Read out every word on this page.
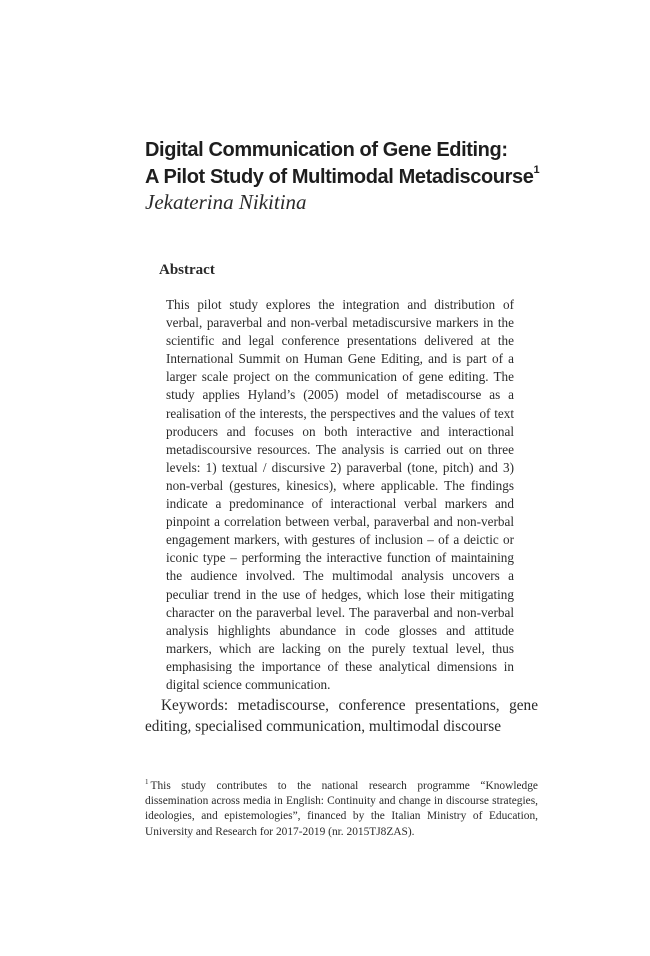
Digital Communication of Gene Editing:
A Pilot Study of Multimodal Metadiscourse$^1$

Jekaterina Nikitina

Abstract

This pilot study explores the integration and distribution of verbal, paraverbal and non-verbal metadiscursive markers in the scientific and legal conference presentations delivered at the International Summit on Human Gene Editing, and is part of a larger scale project on the communication of gene editing. The study applies Hyland’s (2005) model of metadiscourse as a realisation of the interests, the perspectives and the values of text producers and focuses on both interactive and interactional metadiscoursive resources. The analysis is carried out on three levels: 1) textual / discursive 2) paraverbal (tone, pitch) and 3) non-verbal (gestures, kinesics), where applicable. The findings indicate a predominance of interactional verbal markers and pinpoint a correlation between verbal, paraverbal and non-verbal engagement markers, with gestures of inclusion – of a deictic or iconic type – performing the interactive function of maintaining the audience involved. The multimodal analysis uncovers a peculiar trend in the use of hedges, which lose their mitigating character on the paraverbal level. The paraverbal and non-verbal analysis highlights abundance in code glosses and attitude markers, which are lacking on the purely textual level, thus emphasising the importance of these analytical dimensions in digital science communication.

Keywords: metadiscourse, conference presentations, gene editing, specialised communication, multimodal discourse

$^1$ This study contributes to the national research programme “Knowledge dissemination across media in English: Continuity and change in discourse strategies, ideologies, and epistemologies”, financed by the Italian Ministry of Education, University and Research for 2017-2019 (nr. 2015TJ8ZAS).
